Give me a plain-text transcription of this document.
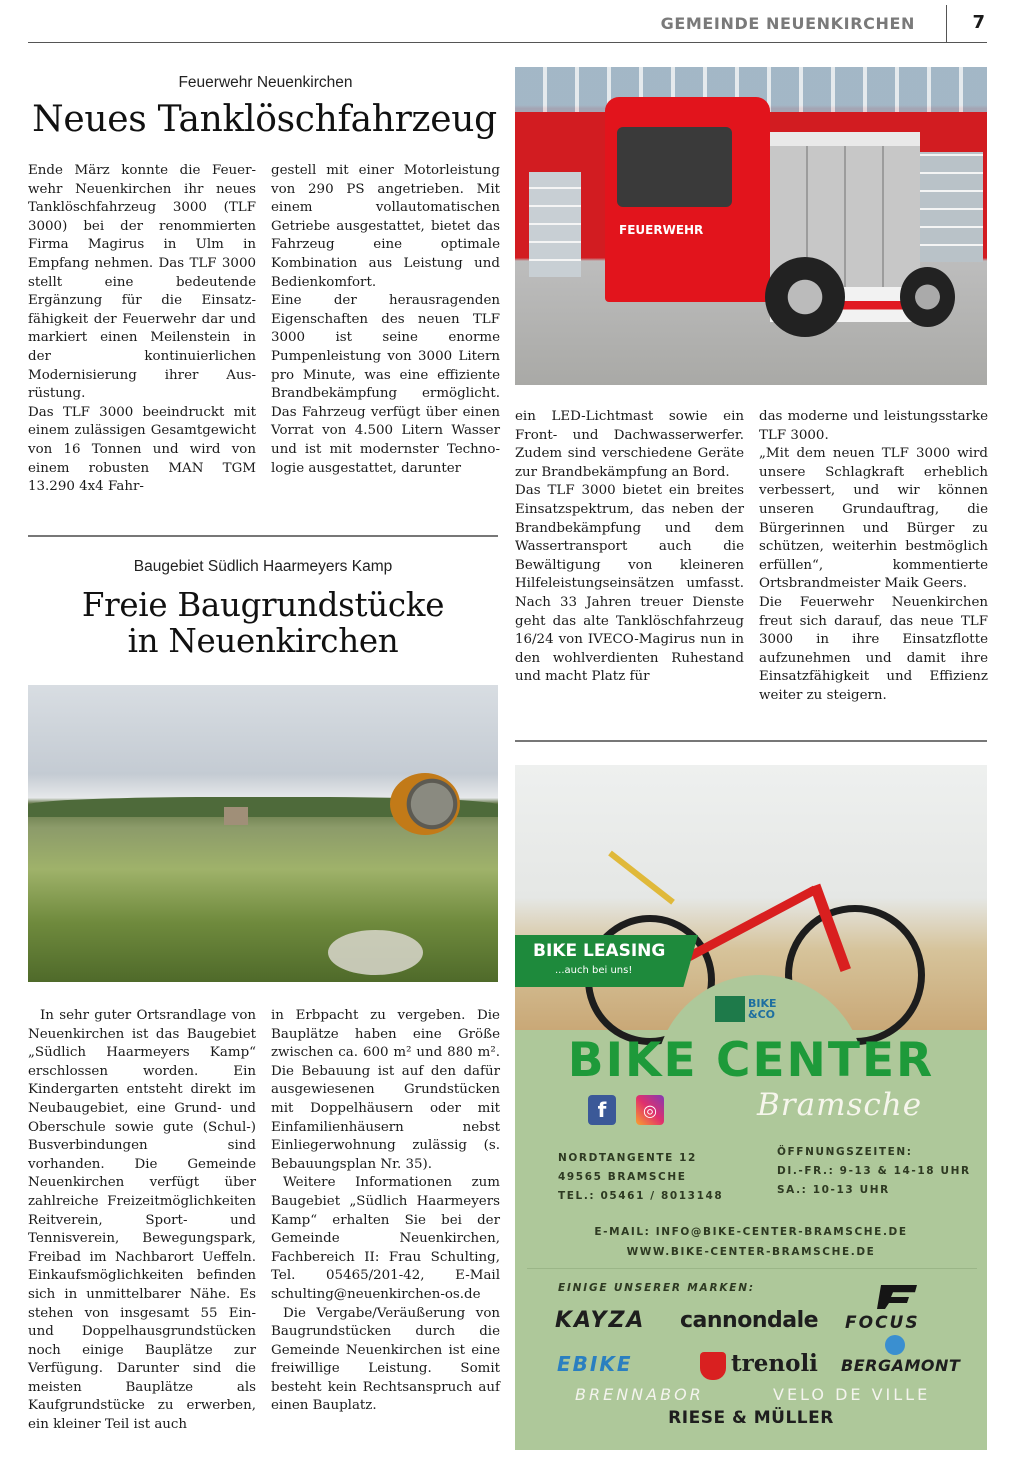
GEMEINDE NEUENKIRCHEN	7
Feuerwehr Neuenkirchen
Neues Tanklöschfahrzeug

Ende März konnte die Feuerwehr Neuenkirchen ihr neues Tanklöschfahrzeug 3000 (TLF 3000) bei der renommierten Firma Magirus in Ulm in Empfang nehmen. Das TLF 3000 stellt eine bedeutende Ergänzung für die Einsatzfähigkeit der Feuerwehr dar und markiert einen Meilenstein in der kontinuierlichen Modernisierung ihrer Ausrüstung.

Das TLF 3000 beeindruckt mit einem zulässigen Gesamtgewicht von 16 Tonnen und wird von einem robusten MAN TGM 13.290 4x4 Fahr-

gestell mit einer Motorleistung von 290 PS angetrieben. Mit einem vollautomatischen Getriebe ausgestattet, bietet das Fahrzeug eine optimale Kombination aus Leistung und Bedienkomfort.

Eine der herausragenden Eigenschaften des neuen TLF 3000 ist seine enorme Pumpenleistung von 3000 Litern pro Minute, was eine effiziente Brandbekämpfung ermöglicht. Das Fahrzeug verfügt über einen Vorrat von 4.500 Litern Wasser und ist mit modernster Technologie ausgestattet, darunter

FEUERWEHR

ein LED-Lichtmast sowie ein Front- und Dachwasserwerfer. Zudem sind verschiedene Geräte zur Brandbekämpfung an Bord.

Das TLF 3000 bietet ein breites Einsatzspektrum, das neben der Brandbekämpfung und dem Wassertransport auch die Bewältigung von kleineren Hilfeleistungseinsätzen umfasst. Nach 33 Jahren treuer Dienste geht das alte Tanklöschfahrzeug 16/24 von IVECO-Magirus nun in den wohlverdienten Ruhestand und macht Platz für

das moderne und leistungsstarke TLF 3000.

„Mit dem neuen TLF 3000 wird unsere Schlagkraft erheblich verbessert, und wir können unseren Grundauftrag, die Bürgerinnen und Bürger zu schützen, weiterhin bestmöglich erfüllen“, kommentierte Ortsbrandmeister Maik Geers.

Die Feuerwehr Neuenkirchen freut sich darauf, das neue TLF 3000 in ihre Einsatzflotte aufzunehmen und damit ihre Einsatzfähigkeit und Effizienz weiter zu steigern.

Baugebiet Südlich Haarmeyers Kamp
Freie Baugrundstücke
in Neuenkirchen

In sehr guter Ortsrandlage von Neuenkirchen ist das Baugebiet „Südlich Haarmeyers Kamp“ erschlossen worden. Ein Kindergarten entsteht direkt im Neubaugebiet, eine Grund- und Oberschule sowie gute (Schul-) Busverbindungen sind vorhanden. Die Gemeinde Neuenkirchen verfügt über zahlreiche Freizeitmöglichkeiten Reitverein, Sport- und Tennisverein, Bewegungspark, Freibad im Nachbarort Ueffeln. Einkaufsmöglichkeiten befinden sich in unmittelbarer Nähe. Es stehen von insgesamt 55 Ein- und Doppelhausgrundstücken noch einige Bauplätze zur Verfügung. Darunter sind die meisten Bauplätze als Kaufgrundstücke zu erwerben, ein kleiner Teil ist auch

in Erbpacht zu vergeben. Die Bauplätze haben eine Größe zwischen ca. 600 m² und 880 m². Die Bebauung ist auf den dafür ausgewiesenen Grundstücken mit Doppelhäusern oder mit Einfamilienhäusern nebst Einliegerwohnung zulässig (s. Bebauungsplan Nr. 35).

Weitere Informationen zum Baugebiet „Südlich Haarmeyers Kamp“ erhalten Sie bei der Gemeinde Neuenkirchen, Fachbereich II: Frau Schulting, Tel. 05465/201-42, E-Mail schulting@neuenkirchen-os.de

Die Vergabe/Veräußerung von Baugrundstücken durch die Gemeinde Neuenkirchen ist eine freiwillige Leistung. Somit besteht kein Rechtsanspruch auf einen Bauplatz.

BIKE LEASING
...auch bei uns!
BIKE
&CO
BIKE CENTER
f	◎	Bramsche
NORDTANGENTE 12
49565 BRAMSCHE
TEL.: 05461 / 8013148
ÖFFNUNGSZEITEN:
DI.-FR.: 9-13 & 14-18 UHR
SA.: 10-13 UHR
E-MAIL: INFO@BIKE-CENTER-BRAMSCHE.DE
WWW.BIKE-CENTER-BRAMSCHE.DE
EINIGE UNSERER MARKEN:
KAYZA cannondale FOCUS
EBIKE	trenoli BERGAMONT
BRENNABOR	VELO DE VILLE
RIESE & MÜLLER
